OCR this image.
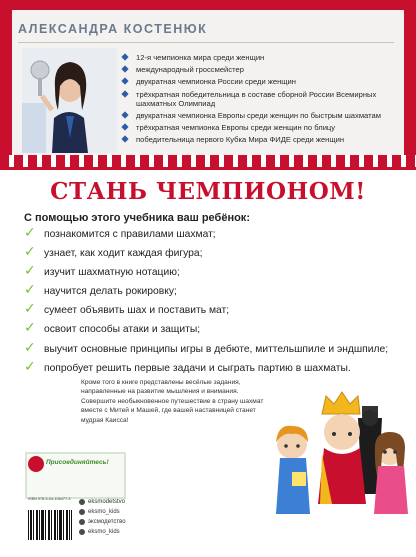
АЛЕКСАНДРА КОСТЕНЮК
12-я чемпионка мира среди женщин
международный гроссмейстер
двукратная чемпионка России среди женщин
трёхкратная победительница в составе сборной России Всемирных шахматных Олимпиад
двукратная чемпионка Европы среди женщин по быстрым шахматам
трёхкратная чемпионка Европы среди женщин по блицу
победительница первого Кубка Мира ФИДЕ среди женщин
СТАНЬ ЧЕМПИОНОМ!
С помощью этого учебника ваш ребёнок:
✓ познакомится с правилами шахмат;
✓ узнает, как ходит каждая фигура;
✓ изучит шахматную нотацию;
✓ научится делать рокировку;
✓ сумеет объявить шах и поставить мат;
✓ освоит способы атаки и защиты;
✓ выучит основные принципы игры в дебюте, миттельшпиле и эндшпиле;
✓ попробует решить первые задачи и сыграть партию в шахматы.
Кроме того в книге представлены весёлые задания, направленные на развитие мышления и внимания. Совершите необыкновенное путешествие в страну шахмат вместе с Митей и Машей, где вашей наставницей станет мудрая Каисса!
Присоединяйтесь!
ISBN 978-5-04-106477-3	eksmodetstvo
eksmo_kids
эксмодетство
eksmo_kids
